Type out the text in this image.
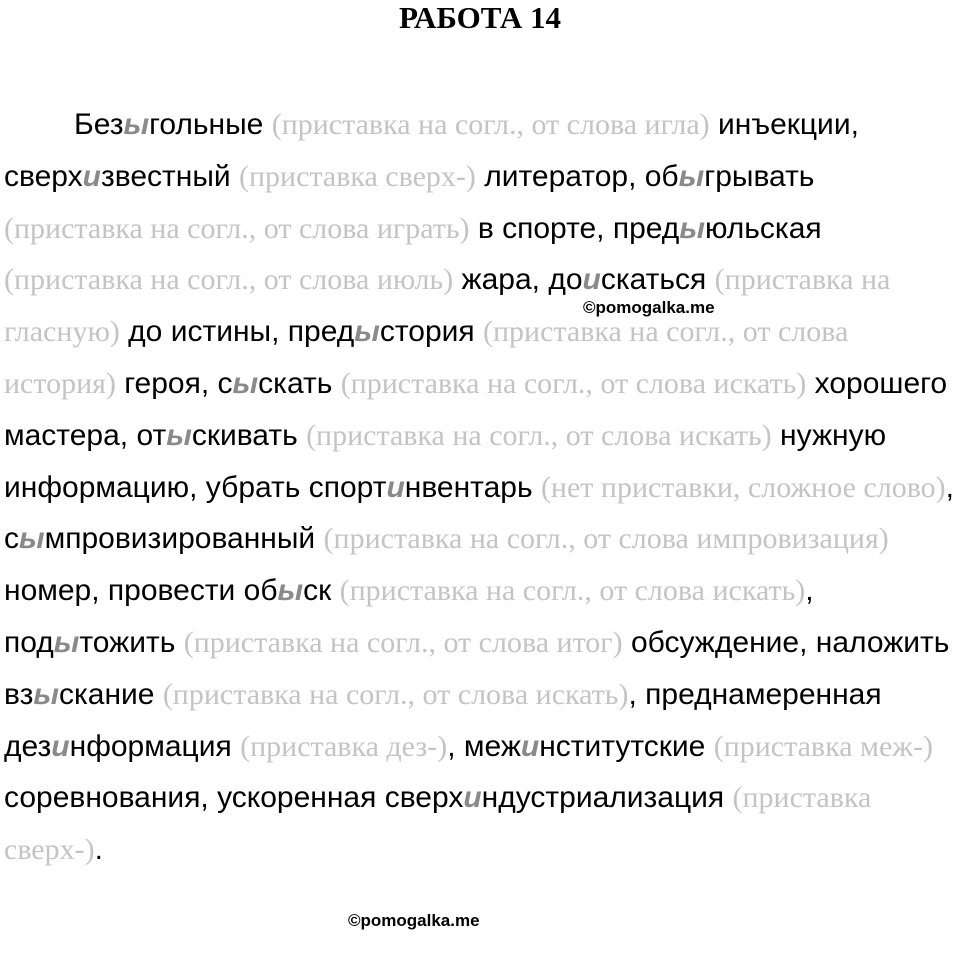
РАБОТА 14

Безыгольные (приставка на согл., от слова игла) инъекции, сверхизвестный (приставка сверх-) литератор, обыгрывать (приставка на согл., от слова играть) в спорте, предыюльская (приставка на согл., от слова июль) жара, доискаться (приставка на гласную) до истины, предыстория (приставка на согл., от слова история) героя, сыскать (приставка на согл., от слова искать) хорошего мастера, отыскивать (приставка на согл., от слова искать) нужную информацию, убрать спортинвентарь (нет приставки, сложное слово), сымпровизированный (приставка на согл., от слова импровизация) номер, провести обыск (приставка на согл., от слова искать), подытожить (приставка на согл., от слова итог) обсуждение, наложить взыскание (приставка на согл., от слова искать), преднамеренная дезинформация (приставка дез-), межинститутские (приставка меж-) соревнования, ускоренная сверхиндустриализация (приставка сверх-).

©pomogalka.me
©pomogalka.me
